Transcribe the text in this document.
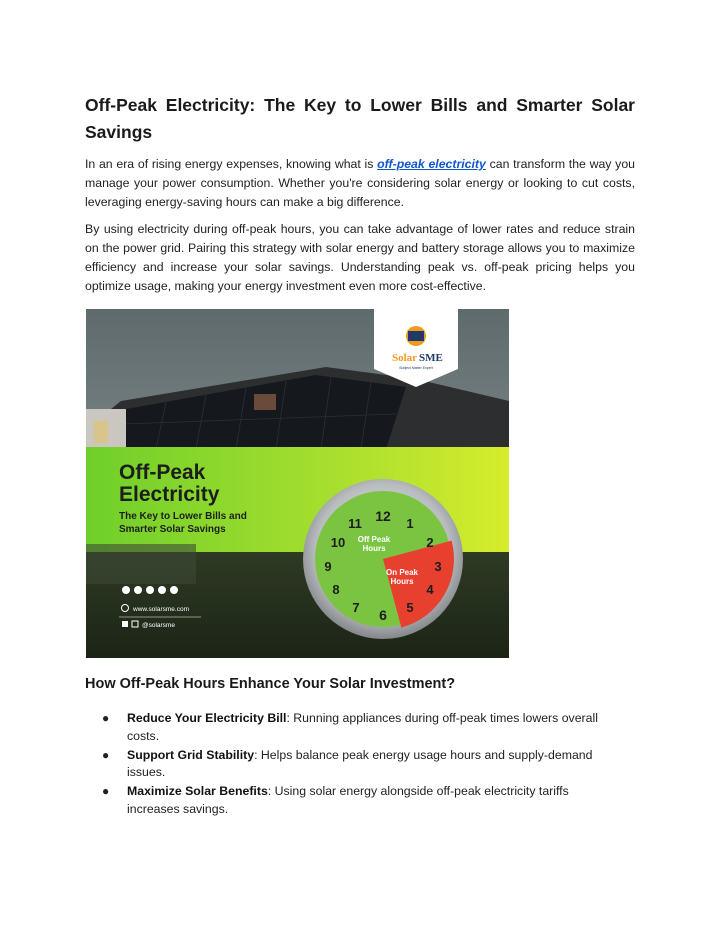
Off-Peak Electricity: The Key to Lower Bills and Smarter Solar Savings

In an era of rising energy expenses, knowing what is off-peak electricity can transform the way you manage your power consumption. Whether you're considering solar energy or looking to cut costs, leveraging energy-saving hours can make a big difference.

By using electricity during off-peak hours, you can take advantage of lower rates and reduce strain on the power grid. Pairing this strategy with solar energy and battery storage allows you to maximize efficiency and increase your solar savings. Understanding peak vs. off-peak pricing helps you optimize usage, making your energy investment even more cost-effective.

Solar SME
Subject Matter Expert
Off-Peak
Electricity
The Key to Lower Bills and
Smarter Solar Savings
www.solarsme.com
@solarsme
12 1
2
3
4
5
6
7
8
9
10
11
Off Peak
Hours
On Peak
Hours
How Off-Peak Hours Enhance Your Solar Investment?
● Reduce Your Electricity Bill: Running appliances during off-peak times lowers overall costs.
● Support Grid Stability: Helps balance peak energy usage hours and supply-demand issues.
● Maximize Solar Benefits: Using solar energy alongside off-peak electricity tariffs increases savings.
